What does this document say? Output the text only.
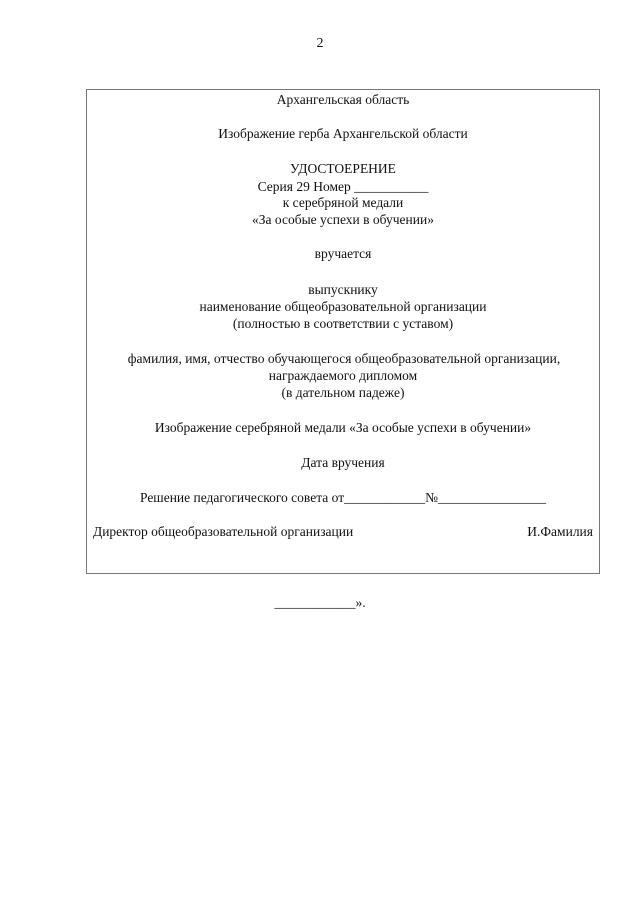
2
Архангельская область
Изображение герба Архангельской области
УДОСТОЕРЕНИЕ
Серия 29 Номер ___________
к серебряной медали
«За особые успехи в обучении»
вручается
выпускнику
наименование общеобразовательной организации
(полностью в соответствии с уставом)
фамилия, имя, отчество обучающегося общеобразовательной организации,
награждаемого дипломом
(в дательном падеже)
Изображение серебряной медали «За особые успехи в обучении»
Дата вручения
Решение педагогического совета от____________№________________
Директор общеобразовательной организации	И.Фамилия
____________».
